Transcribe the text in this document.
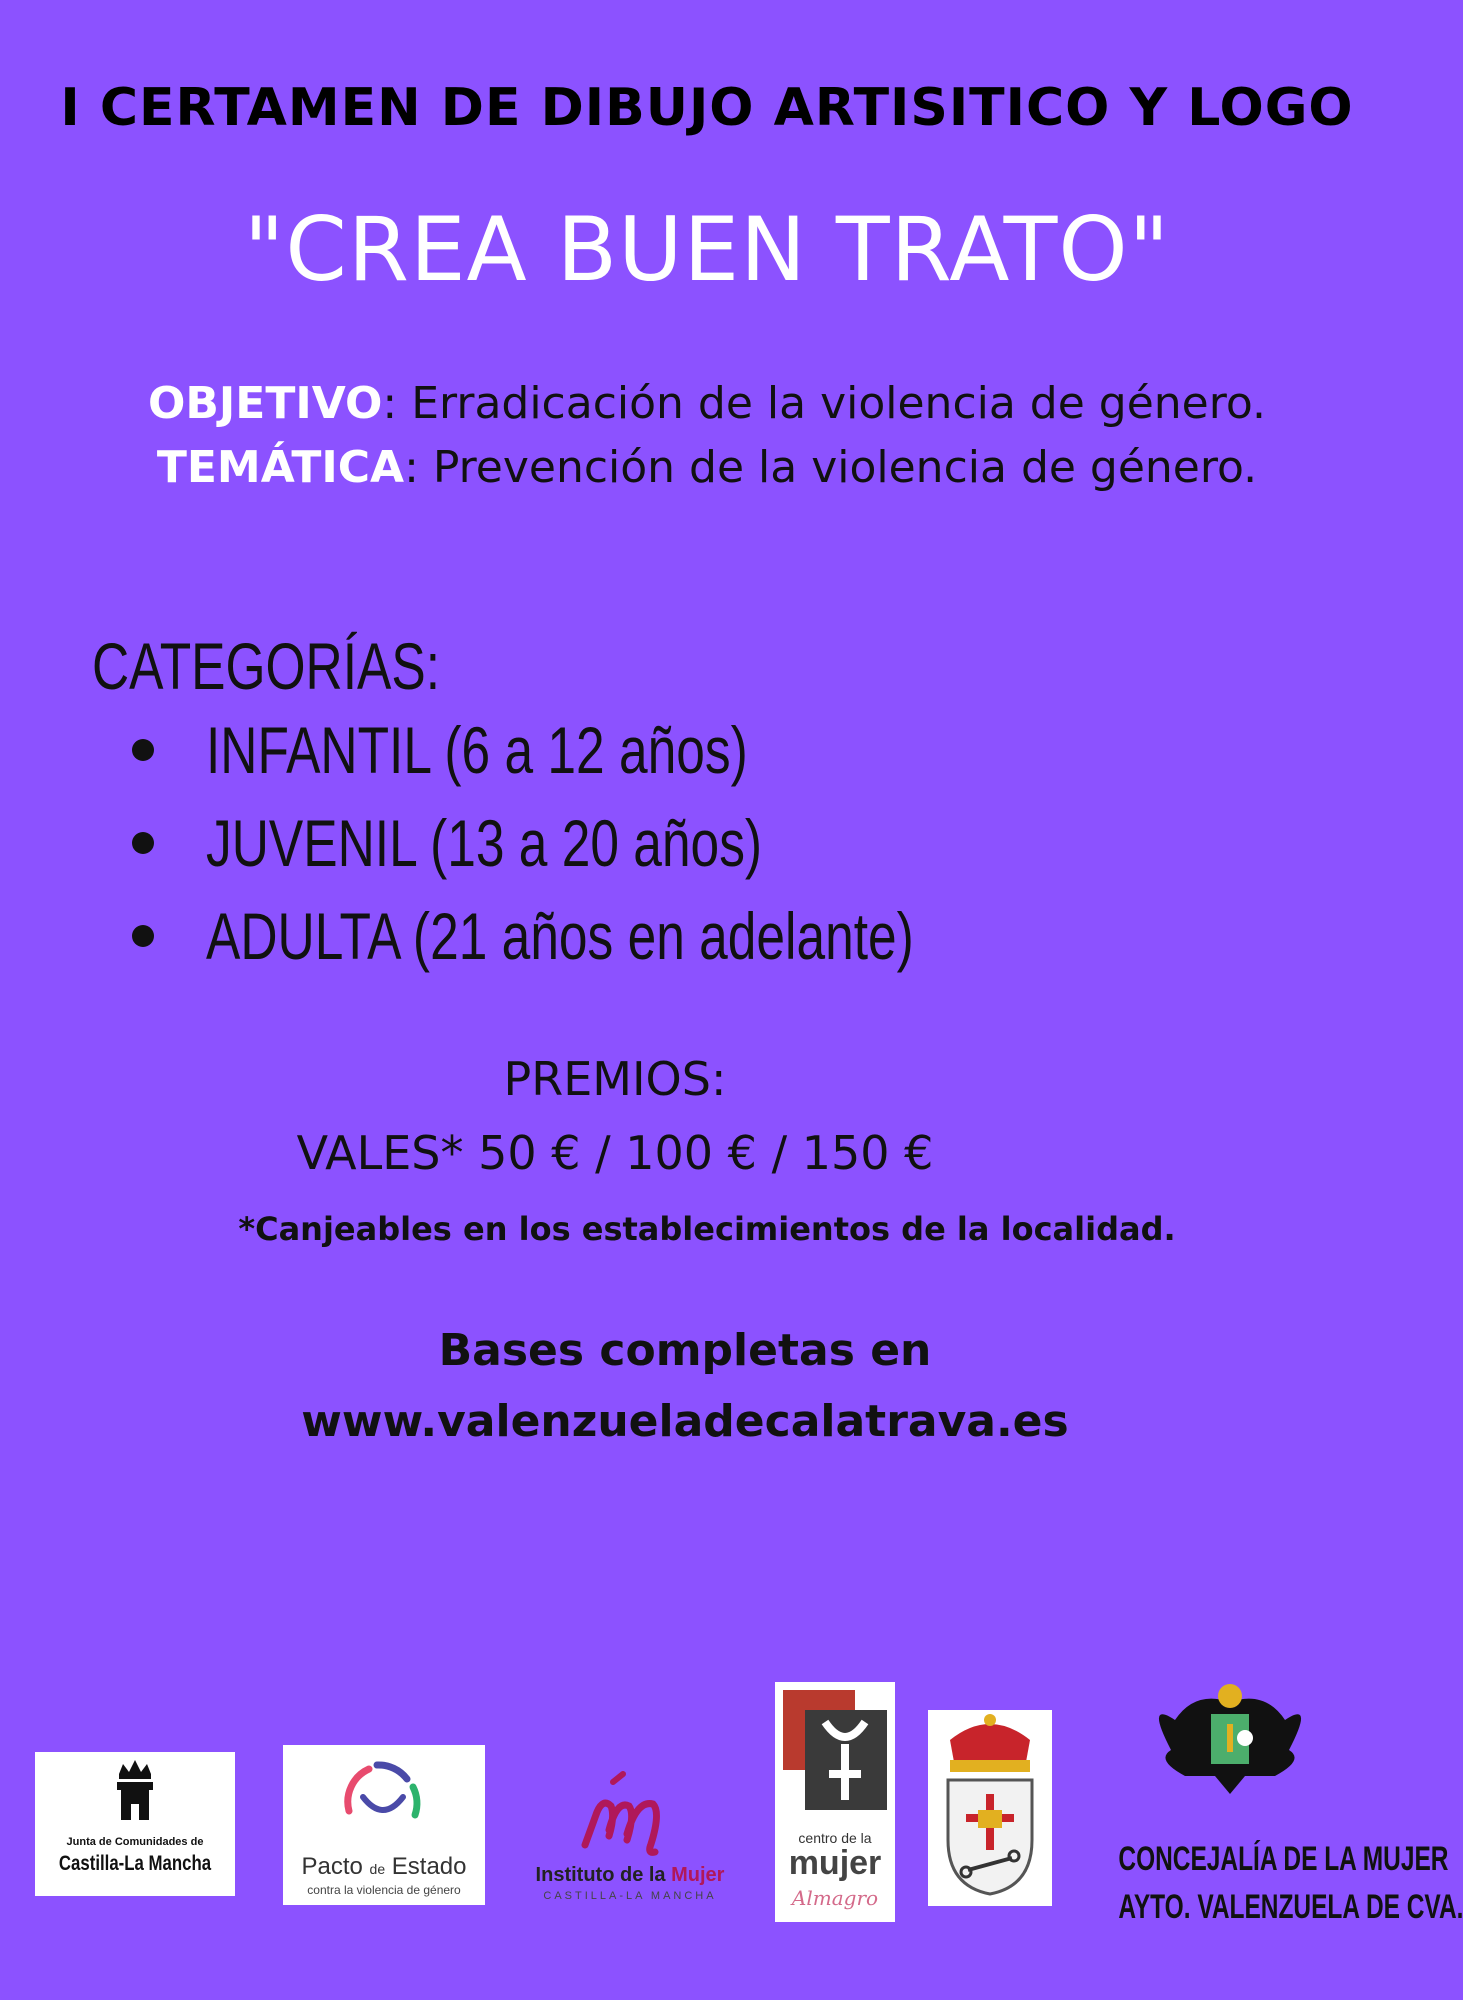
I CERTAMEN DE DIBUJO ARTISITICO Y LOGO
"CREA BUEN TRATO"
OBJETIVO: Erradicación de la violencia de género.
TEMÁTICA: Prevención de la violencia de género.
CATEGORÍAS:
INFANTIL (6 a 12 años)
JUVENIL (13 a 20 años)
ADULTA (21 años en adelante)
PREMIOS:
VALES* 50 € / 100 € / 150 €
*Canjeables en los establecimientos de la localidad.
Bases completas en
www.valenzueladecalatrava.es
Junta de Comunidades de
Castilla-La Mancha	Pacto de Estado
contra la violencia de género
Instituto de la Mujer
CASTILLA-LA MANCHA
centro de la
mujer
Almagro
CONCEJALÍA DE LA MUJER
AYTO. VALENZUELA DE CVA.
